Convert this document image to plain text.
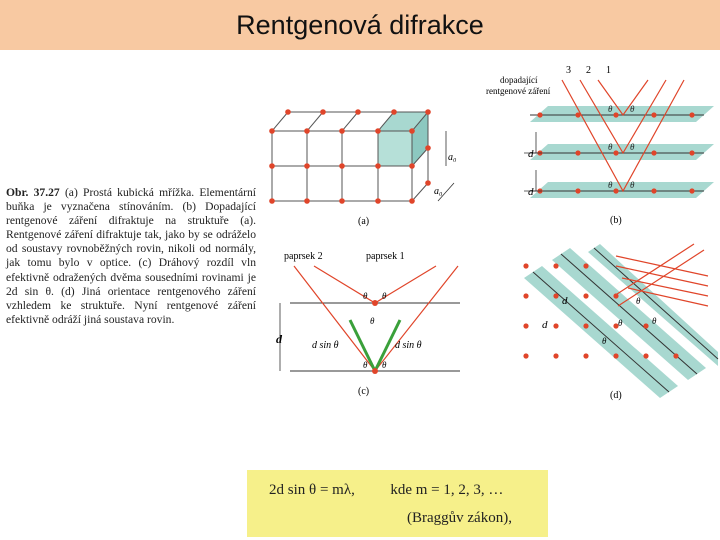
Rentgenová difrakce
Obr. 37.27 (a) Prostá kubická mřížka. Elementární buňka je vyznačena stínováním. (b) Dopadající rentgenové záření difraktuje na struktuře (a). Rentgenové záření difraktuje tak, jako by se odráželo od soustavy rovnoběžných rovin, nikoli od normály, jak tomu bylo v optice. (c) Dráhový rozdíl vln efektivně odražených dvěma sousedními rovinami je 2d sin θ. (d) Jiná orientace rentgenového záření vzhledem ke struktuře. Nyní rentgenové záření efektivně odráží jiná soustava rovin.
a₀
a₀
(a)
3 2 1
dopadající
rentgenové záření
θ θ
θ θ
θ θ
d
d
(b)
paprsek 2	paprsek 1
d	d sin θ	d sin θ
θ θ
θ
θ θ
(c)
d
d
θ
θ
θ
θ
(d)
2d sin θ = mλ, kde m = 1, 2, 3, …
(Braggův zákon),
